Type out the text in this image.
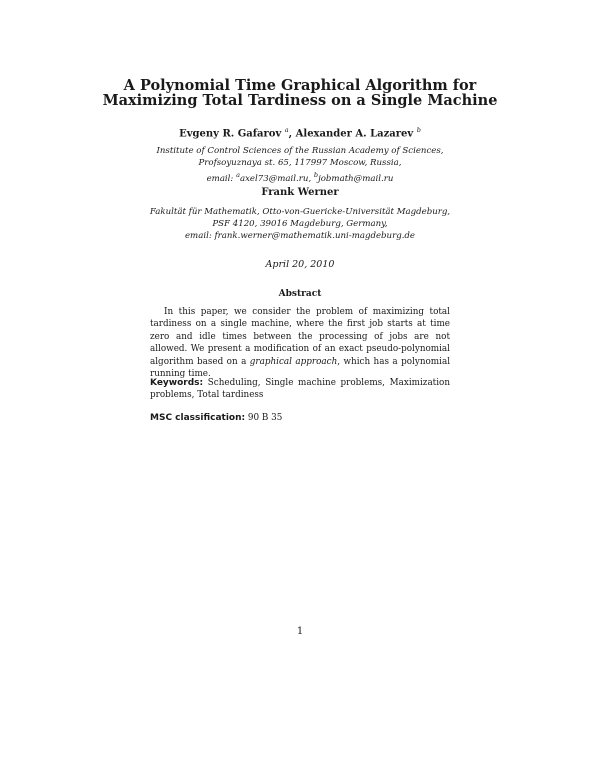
A Polynomial Time Graphical Algorithm for
Maximizing Total Tardiness on a Single Machine
Evgeny R. Gafarov $^a$, Alexander A. Lazarev $^b$
Institute of Control Sciences of the Russian Academy of Sciences,
Profsoyuznaya st. 65, 117997 Moscow, Russia,
email: $^a$axel73@mail.ru, $^b$jobmath@mail.ru
Frank Werner
Fakultät für Mathematik, Otto-von-Guericke-Universität Magdeburg,
PSF 4120, 39016 Magdeburg, Germany,
email: frank.werner@mathematik.uni-magdeburg.de
April 20, 2010
Abstract
In this paper, we consider the problem of maximizing total tardiness on a single machine, where the first job starts at time zero and idle times between the processing of jobs are not allowed. We present a modification of an exact pseudo-polynomial algorithm based on a graphical approach, which has a polynomial running time.
Keywords: Scheduling, Single machine problems, Maximization problems, Total tardiness
MSC classification: 90 B 35
1
